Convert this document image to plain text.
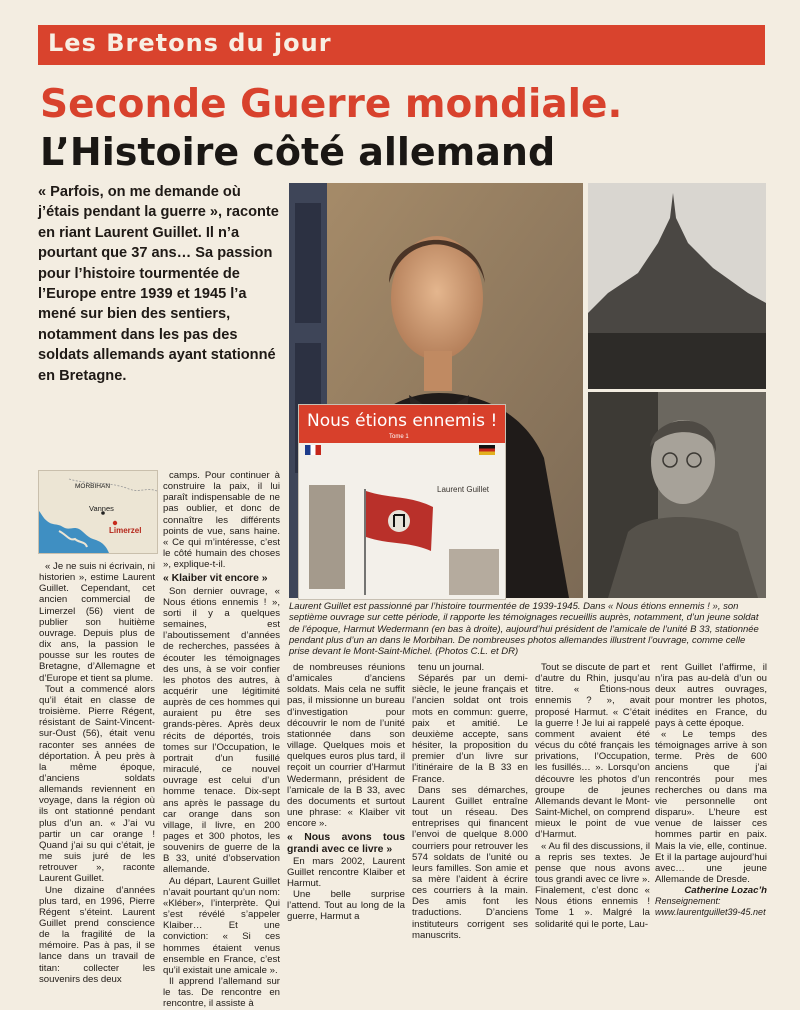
Les Bretons du jour
Seconde Guerre mondiale.
L’Histoire côté allemand
« Parfois, on me demande où j’étais pendant la guerre », raconte en riant Laurent Guillet. Il n’a pourtant que 37 ans… Sa passion pour l’histoire tourmentée de l’Europe entre 1939 et 1945 l’a mené sur bien des sentiers, notamment dans les pas des soldats allemands ayant stationné en Bretagne.
MORBIHAN
Vannes
Limerzel
Nous étions ennemis !
Tome 1
Laurent Guillet
Laurent Guillet est passionné par l’histoire tourmentée de 1939-1945. Dans « Nous étions ennemis ! », son septième ouvrage sur cette période, il rapporte les témoignages recueillis auprès, notamment, d’un jeune soldat de l’époque, Harmut Wedermann (en bas à droite), aujourd’hui président de l’amicale de l’unité B 33, stationnée pendant plus d’un an dans le Morbihan. De nombreuses photos allemandes illustrent l’ouvrage, comme celle prise devant le Mont-Saint-Michel. (Photos C.L. et DR)

« Je ne suis ni écrivain, ni historien », estime Laurent Guillet. Cependant, cet ancien commercial de Limerzel (56) vient de publier son huitième ouvrage. Depuis plus de dix ans, la passion le pousse sur les routes de Bretagne, d’Allemagne et d’Europe et tient sa plume.

Tout a commencé alors qu’il était en classe de troisième. Pierre Régent, résistant de Saint-Vincent-sur-Oust (56), était venu raconter ses années de déportation. À peu près à la même époque, d’anciens soldats allemands reviennent en voyage, dans la région où ils ont stationné pendant plus d’un an. « J’ai vu partir un car orange ! Quand j’ai su qui c’était, je me suis juré de les retrouver », raconte Laurent Guillet.

Une dizaine d’années plus tard, en 1996, Pierre Régent s’éteint. Laurent Guillet prend conscience de la fragilité de la mémoire. Pas à pas, il se lance dans un travail de titan: collecter les souvenirs des deux

camps. Pour continuer à construire la paix, il lui paraît indispensable de ne pas oublier, et donc de connaître les différents points de vue, sans haine. « Ce qui m’intéresse, c’est le côté humain des choses », explique-t-il.

« Klaiber vit encore »

Son dernier ouvrage, « Nous étions ennemis ! », sorti il y a quelques semaines, est l’aboutissement d’années de recherches, passées à écouter les témoignages des uns, à se voir confier les photos des autres, à acquérir une légitimité auprès de ces hommes qui auraient pu être ses grands-pères. Après deux récits de déportés, trois tomes sur l’Occupation, le portrait d’un fusillé miraculé, ce nouvel ouvrage est celui d’un homme tenace. Dix-sept ans après le passage du car orange dans son village, il livre, en 200 pages et 300 photos, les souvenirs de guerre de la B 33, unité d’observation allemande.

Au départ, Laurent Guillet n’avait pourtant qu’un nom: «Kléber», l’interprète. Qui s’est révélé s’appeler Klaiber… Et une conviction: « Si ces hommes étaient venus ensemble en France, c’est qu’il existait une amicale ».

Il apprend l’allemand sur le tas. De rencontre en rencontre, il assiste à

de nombreuses réunions d’amicales d’anciens soldats. Mais cela ne suffit pas, il missionne un bureau d’investigation pour découvrir le nom de l’unité stationnée dans son village. Quelques mois et quelques euros plus tard, il reçoit un courrier d’Harmut Wedermann, président de l’amicale de la B 33, avec des documents et surtout une phrase: « Klaiber vit encore ».

« Nous avons tous grandi avec ce livre »

En mars 2002, Laurent Guillet rencontre Klaiber et Harmut.

Une belle surprise l’attend. Tout au long de la guerre, Harmut a

tenu un journal.

Séparés par un demi-siècle, le jeune français et l’ancien soldat ont trois mots en commun: guerre, paix et amitié. Le deuxième accepte, sans hésiter, la proposition du premier d’un livre sur l’itinéraire de la B 33 en France.

Dans ses démarches, Laurent Guillet entraîne tout un réseau. Des entreprises qui financent l’envoi de quelque 8.000 courriers pour retrouver les 574 soldats de l’unité ou leurs familles. Son amie et sa mère l’aident à écrire ces courriers à la main. Des amis font les traductions. D’anciens instituteurs corrigent ses manuscrits.

Tout se discute de part et d’autre du Rhin, jusqu’au titre. « Étions-nous ennemis ? », avait proposé Harmut. « C’était la guerre ! Je lui ai rappelé comment avaient été vécus du côté français les privations, l’Occupation, les fusillés… ». Lorsqu’on découvre les photos d’un groupe de jeunes Allemands devant le Mont-Saint-Michel, on comprend mieux le point de vue d’Harmut.

« Au fil des discussions, il a repris ses textes. Je pense que nous avons tous grandi avec ce livre ». Finalement, c’est donc « Nous étions ennemis ! Tome 1 ». Malgré la solidarité qui le porte, Lau-

rent Guillet l’affirme, il n’ira pas au-delà d’un ou deux autres ouvrages, pour montrer les photos, inédites en France, du pays à cette époque.

« Le temps des témoignages arrive à son terme. Près de 600 anciens que j’ai rencontrés pour mes recherches ou dans ma vie personnelle ont disparu». L’heure est venue de laisser ces hommes partir en paix. Mais la vie, elle, continue. Et il la partage aujourd’hui avec… une jeune Allemande de Dresde.

Catherine Lozac’h

Renseignement: www.laurentguillet39-45.net
